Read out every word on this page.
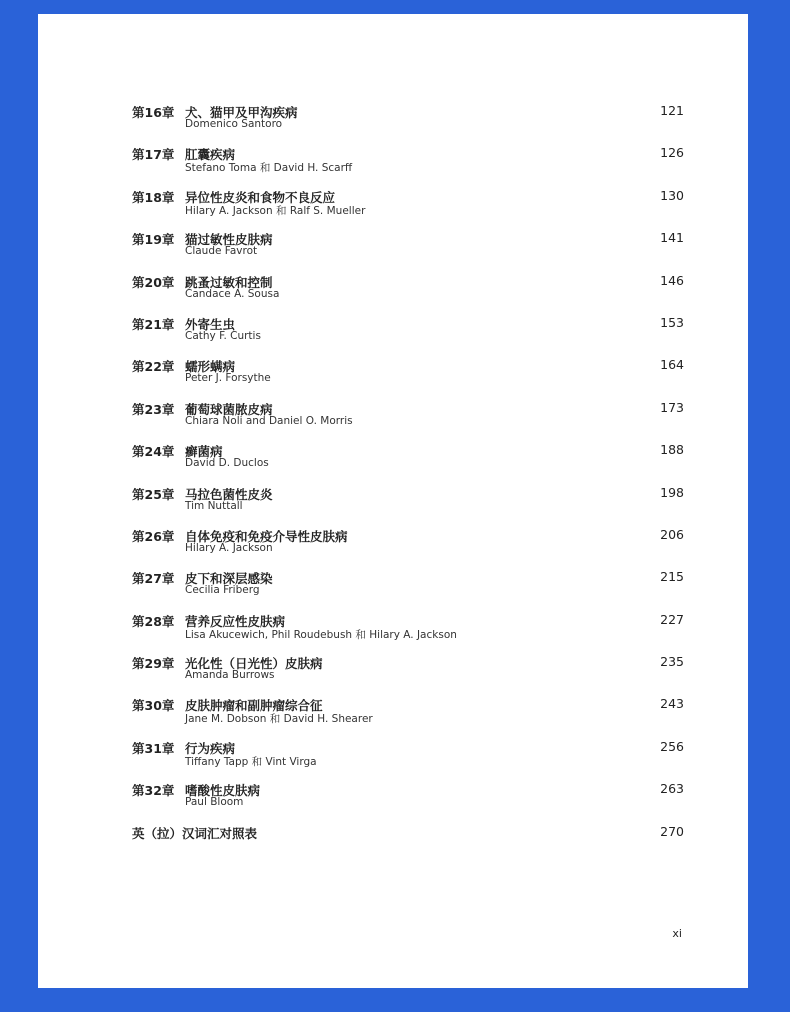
第16章 犬、猫甲及甲沟疾病
Domenico Santoro
121
第17章 肛囊疾病
Stefano Toma 和 David H. Scarff
126
第18章 异位性皮炎和食物不良反应
Hilary A. Jackson 和 Ralf S. Mueller
130
第19章 猫过敏性皮肤病
Claude Favrot
141
第20章 跳蚤过敏和控制
Candace A. Sousa
146
第21章 外寄生虫
Cathy F. Curtis
153
第22章 蠕形螨病
Peter J. Forsythe
164
第23章 葡萄球菌脓皮病
Chiara Noli and Daniel O. Morris
173
第24章 癣菌病
David D. Duclos
188
第25章 马拉色菌性皮炎
Tim Nuttall
198
第26章 自体免疫和免疫介导性皮肤病
Hilary A. Jackson
206
第27章 皮下和深层感染
Cecilia Friberg
215
第28章 营养反应性皮肤病
Lisa Akucewich, Phil Roudebush 和 Hilary A. Jackson
227
第29章 光化性（日光性）皮肤病
Amanda Burrows
235
第30章 皮肤肿瘤和副肿瘤综合征
Jane M. Dobson 和 David H. Shearer
243
第31章 行为疾病
Tiffany Tapp 和 Vint Virga
256
第32章 嗜酸性皮肤病
Paul Bloom
263
英（拉）汉词汇对照表	270
xi
